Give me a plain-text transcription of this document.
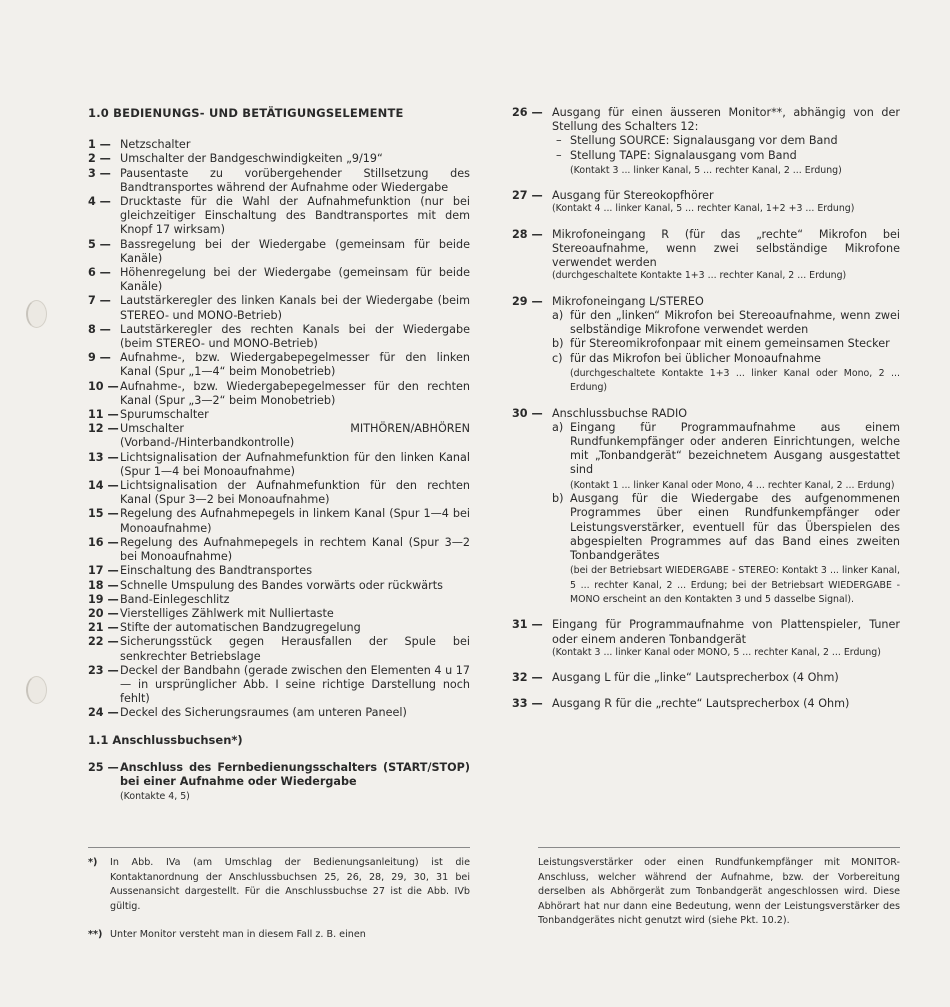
1.0 BEDIENUNGS- UND BETÄTIGUNGSELEMENTE
1 — Netzschalter
2 — Umschalter der Bandgeschwindigkeiten „9/19“
3 — Pausentaste zu vorübergehender Stillsetzung des Bandtransportes während der Aufnahme oder Wiedergabe
4 — Drucktaste für die Wahl der Aufnahmefunktion (nur bei gleichzeitiger Einschaltung des Bandtransportes mit dem Knopf 17 wirksam)
5 — Bassregelung bei der Wiedergabe (gemeinsam für beide Kanäle)
6 — Höhenregelung bei der Wiedergabe (gemeinsam für beide Kanäle)
7 — Lautstärkeregler des linken Kanals bei der Wiedergabe (beim STEREO- und MONO-Betrieb)
8 — Lautstärkeregler des rechten Kanals bei der Wiedergabe (beim STEREO- und MONO-Betrieb)
9 — Aufnahme-, bzw. Wiedergabepegelmesser für den linken Kanal (Spur „1—4“ beim Monobetrieb)
10 — Aufnahme-, bzw. Wiedergabepegelmesser für den rechten Kanal (Spur „3—2“ beim Monobetrieb)
11 — Spurumschalter
12 — Umschalter MITHÖREN/ABHÖREN (Vorband-/Hinterbandkontrolle)
13 — Lichtsignalisation der Aufnahmefunktion für den linken Kanal (Spur 1—4 bei Monoaufnahme)
14 — Lichtsignalisation der Aufnahmefunktion für den rechten Kanal (Spur 3—2 bei Monoaufnahme)
15 — Regelung des Aufnahmepegels in linkem Kanal (Spur 1—4 bei Monoaufnahme)
16 — Regelung des Aufnahmepegels in rechtem Kanal (Spur 3—2 bei Monoaufnahme)
17 — Einschaltung des Bandtransportes
18 — Schnelle Umspulung des Bandes vorwärts oder rückwärts
19 — Band-Einlegeschlitz
20 — Vierstelliges Zählwerk mit Nulliertaste
21 — Stifte der automatischen Bandzugregelung
22 — Sicherungsstück gegen Herausfallen der Spule bei senkrechter Betriebslage
23 — Deckel der Bandbahn (gerade zwischen den Elementen 4 u 17 — in ursprünglicher Abb. I seine richtige Darstellung noch fehlt)
24 — Deckel des Sicherungsraumes (am unteren Paneel)
1.1 Anschlussbuchsen*)
25 — Anschluss des Fernbedienungsschalters (START/STOP) bei einer Aufnahme oder Wiedergabe
(Kontakte 4, 5)
26 — Ausgang für einen äusseren Monitor**, abhängig von der Stellung des Schalters 12:
– Stellung SOURCE: Signalausgang vor dem Band
– Stellung TAPE: Signalausgang vom Band
(Kontakt 3 ... linker Kanal, 5 ... rechter Kanal, 2 ... Erdung)
27 — Ausgang für Stereokopfhörer
(Kontakt 4 ... linker Kanal, 5 ... rechter Kanal, 1+2 +3 ... Erdung)
28 — Mikrofoneingang R (für das „rechte“ Mikrofon bei Stereoaufnahme, wenn zwei selbständige Mikrofone verwendet werden
(durchgeschaltete Kontakte 1+3 ... rechter Kanal, 2 ... Erdung)
29 — Mikrofoneingang L/STEREO
a) für den „linken“ Mikrofon bei Stereoaufnahme, wenn zwei selbständige Mikrofone verwendet werden
b) für Stereomikrofonpaar mit einem gemeinsamen Stecker
c) für das Mikrofon bei üblicher Monoaufnahme
(durchgeschaltete Kontakte 1+3 ... linker Kanal oder Mono, 2 ... Erdung)
30 — Anschlussbuchse RADIO
a) Eingang für Programmaufnahme aus einem Rundfunkempfänger oder anderen Einrichtungen, welche mit „Tonbandgerät“ bezeichnetem Ausgang ausgestattet sind
(Kontakt 1 ... linker Kanal oder Mono, 4 ... rechter Kanal, 2 ... Erdung)
b) Ausgang für die Wiedergabe des aufgenommenen Programmes über einen Rundfunkempfänger oder Leistungsverstärker, eventuell für das Überspielen des abgespielten Programmes auf das Band eines zweiten Tonbandgerätes
(bei der Betriebsart WIEDERGABE - STEREO: Kontakt 3 ... linker Kanal, 5 ... rechter Kanal, 2 ... Erdung; bei der Betriebsart WIEDERGABE - MONO erscheint an den Kontakten 3 und 5 dasselbe Signal).
31 — Eingang für Programmaufnahme von Plattenspieler, Tuner oder einem anderen Tonbandgerät
(Kontakt 3 ... linker Kanal oder MONO, 5 ... rechter Kanal, 2 ... Erdung)
32 — Ausgang L für die „linke“ Lautsprecherbox (4 Ohm)
33 — Ausgang R für die „rechte“ Lautsprecherbox (4 Ohm)
*)	In Abb. IVa (am Umschlag der Bedienungsanleitung) ist die Kontaktanordnung der Anschlussbuchsen 25, 26, 28, 29, 30, 31 bei Aussenansicht dargestellt. Für die Anschlussbuchse 27 ist die Abb. IVb gültig.
**) Unter Monitor versteht man in diesem Fall z. B. einen
Leistungsverstärker oder einen Rundfunkempfänger mit MONITOR-Anschluss, welcher während der Aufnahme, bzw. der Vorbereitung derselben als Abhörgerät zum Tonbandgerät angeschlossen wird. Diese Abhörart hat nur dann eine Bedeutung, wenn der Leistungsverstärker des Tonbandgerätes nicht genutzt wird (siehe Pkt. 10.2).
